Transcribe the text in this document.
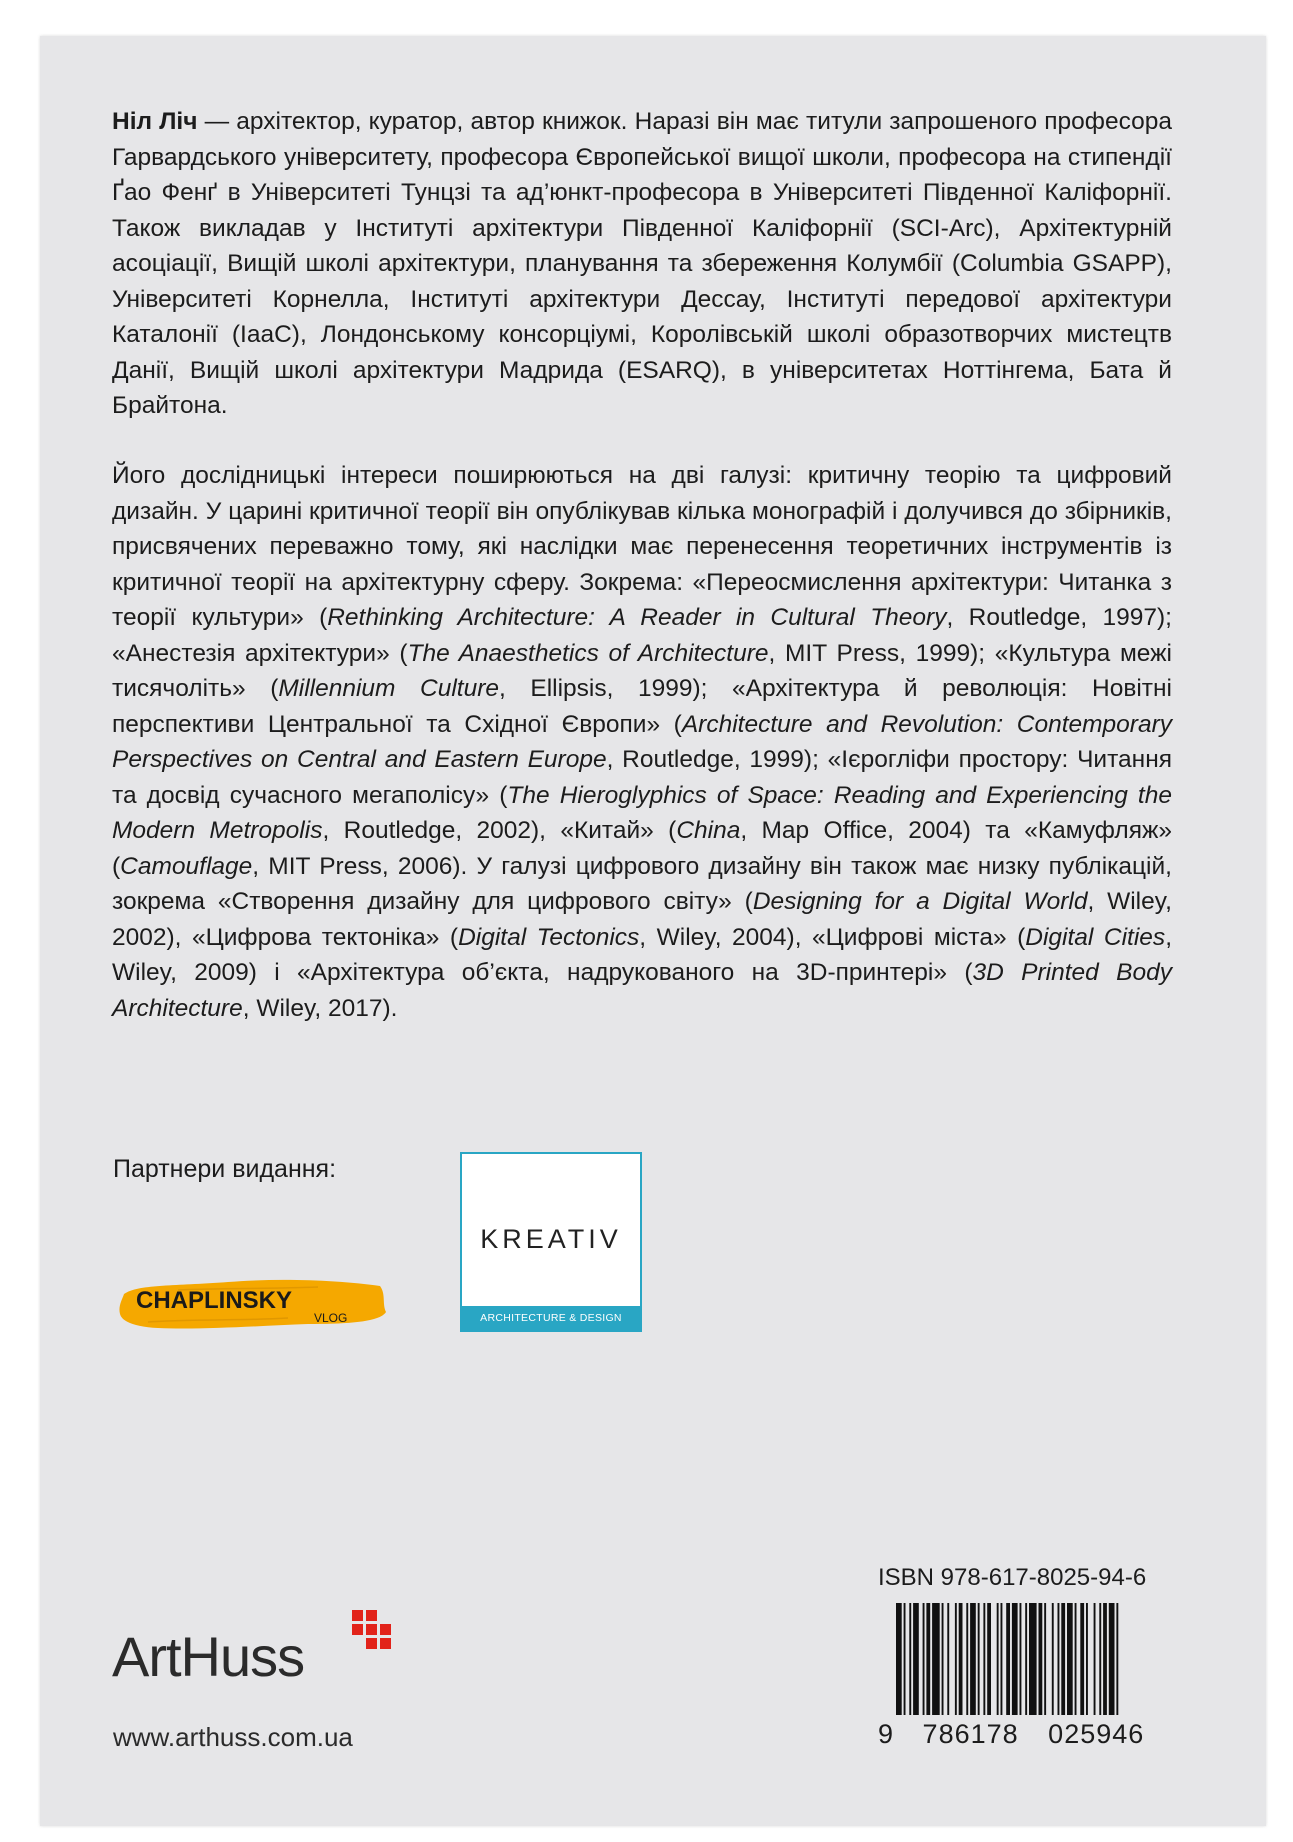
Ніл Ліч — архітектор, куратор, автор книжок. Наразі він має титули запрошеного професора Гарвардського університету, професора Європейської вищої школи, професора на стипендії Ґао Фенґ в Університеті Тунцзі та ад’юнкт-професора в Університеті Південної Каліфорнії. Також викладав у Інституті архітектури Південної Каліфорнії (SCI-Arc), Архітектурній асоціації, Вищій школі архітектури, планування та збереження Колумбії (Columbia GSAPP), Університеті Корнелла, Інституті архітектури Дессау, Інституті передової архітектури Каталонії (IaaC), Лондонському консорціумі, Королівській школі образотворчих мистецтв Данії, Вищій школі архітектури Мадрида (ESARQ), в університетах Ноттінгема, Бата й Брайтона.

Його дослідницькі інтереси поширюються на дві галузі: критичну теорію та цифровий дизайн. У царині критичної теорії він опублікував кілька монографій і долучився до збірників, присвячених переважно тому, які наслідки має перенесення теоретичних інструментів із критичної теорії на архітектурну сферу. Зокрема: «Переосмислення архітектури: Читанка з теорії культури» (Rethinking Architecture: A Reader in Cultural Theory, Routledge, 1997); «Анестезія архітектури» (The Anaesthetics of Architecture, MIT Press, 1999); «Культура межі тисячоліть» (Millennium Culture, Ellipsis, 1999); «Архітектура й революція: Новітні перспективи Центральної та Східної Європи» (Architecture and Revolution: Contemporary Perspectives on Central and Eastern Europe, Routledge, 1999); «Ієрогліфи простору: Читання та досвід сучасного мегаполісу» (The Hieroglyphics of Space: Reading and Experiencing the Modern Metropolis, Routledge, 2002), «Китай» (China, Map Office, 2004) та «Камуфляж» (Camouflage, MIT Press, 2006). У галузі цифрового дизайну він також має низку публікацій, зокрема «Створення дизайну для цифрового світу» (Designing for a Digital World, Wiley, 2002), «Цифрова тектоніка» (Digital Tectonics, Wiley, 2004), «Цифрові міста» (Digital Cities, Wiley, 2009) і «Архітектура об’єкта, надрукованого на 3D-принтері» (3D Printed Body Architecture, Wiley, 2017).

Партнери видання:
CHAPLINSKY
VLOG
KREATIV
ARCHITECTURE & DESIGN
ISBN 978-617-8025-94-6
9 786178 025946
ArtHuss
www.arthuss.com.ua
